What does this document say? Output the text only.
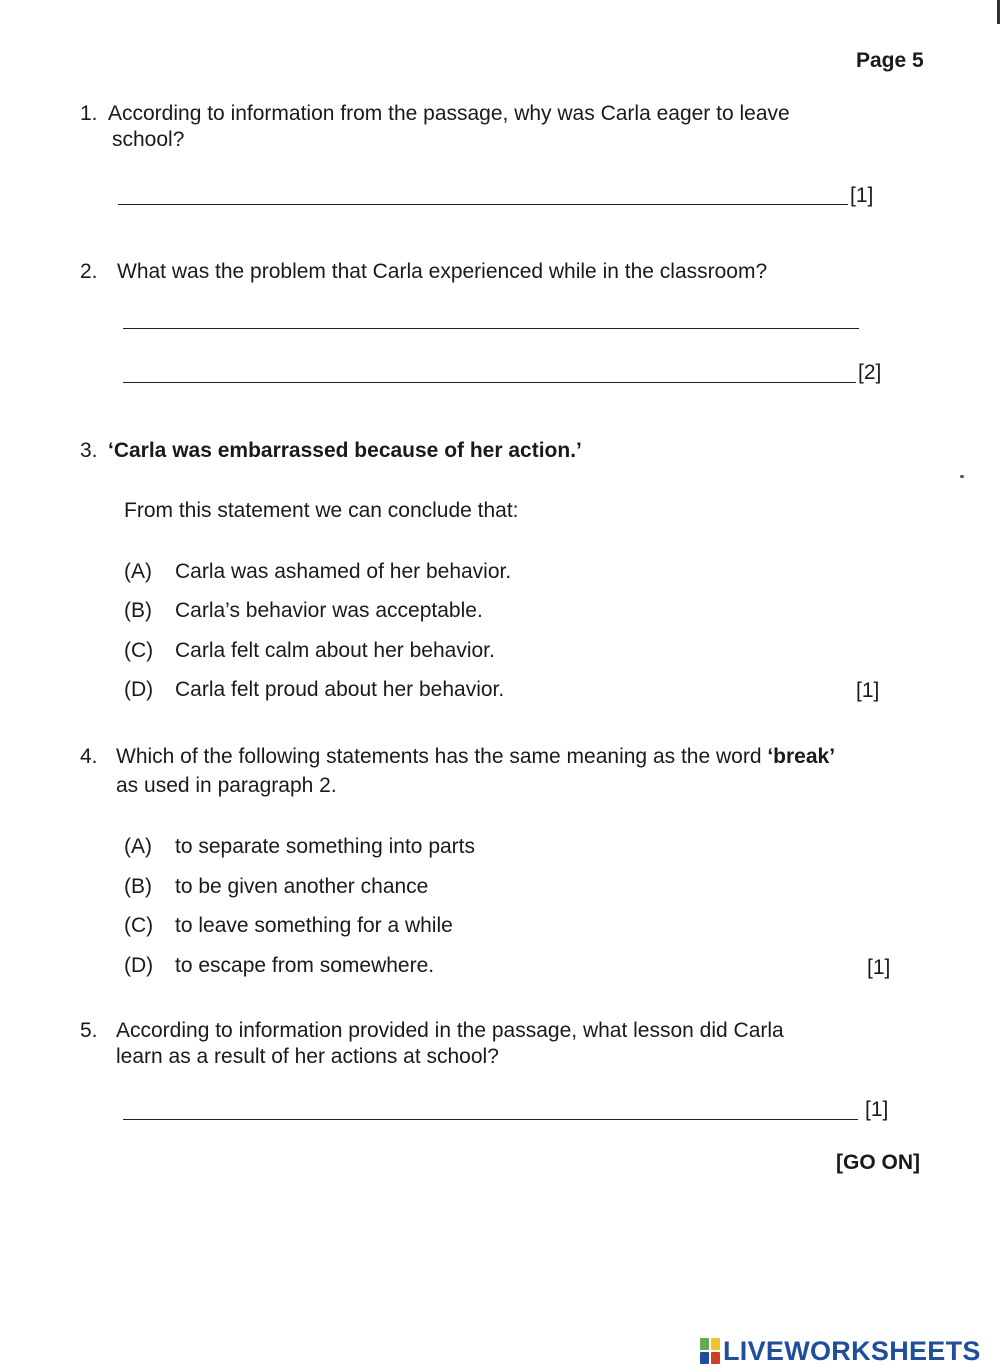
Page 5
1. According to information from the passage, why was Carla eager to leave
school?
[1]
2. What was the problem that Carla experienced while in the classroom?
[2]
3. ‘Carla was embarrassed because of her action.’
From this statement we can conclude that:
(A) Carla was ashamed of her behavior.
(B) Carla’s behavior was acceptable.
(C) Carla felt calm about her behavior.
(D) Carla felt proud about her behavior.	[1]
4. Which of the following statements has the same meaning as the word ‘break’
as used in paragraph 2.
(A) to separate something into parts
(B) to be given another chance
(C) to leave something for a while
(D) to escape from somewhere.	[1]
5. According to information provided in the passage, what lesson did Carla
learn as a result of her actions at school?
[1]
[GO ON]
LIVEWORKSHEETS
